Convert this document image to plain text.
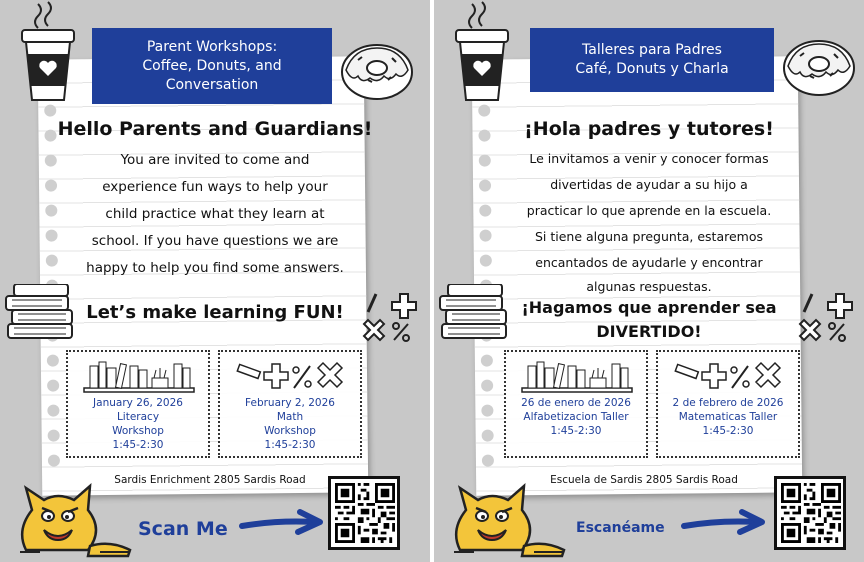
Parent Workshops:
Coffee, Donuts, and
Conversation
Hello Parents and Guardians!
You are invited to come and
experience fun ways to help your
child practice what they learn at
school. If you have questions we are
happy to help you find some answers.
Let’s make learning FUN!
January 26, 2026
Literacy
Workshop
1:45-2:30
February 2, 2026
Math
Workshop
1:45-2:30
Sardis Enrichment 2805 Sardis Road
Scan Me
Talleres para Padres
Café, Donuts y Charla
¡Hola padres y tutores!
Le invitamos a venir y conocer formas
divertidas de ayudar a su hijo a
practicar lo que aprende en la escuela.
Si tiene alguna pregunta, estaremos
encantados de ayudarle y encontrar
algunas respuestas.
¡Hagamos que aprender sea
DIVERTIDO!
26 de enero de 2026
Alfabetizacion Taller
1:45-2:30
2 de febrero de 2026
Matematicas Taller
1:45-2:30
Escuela de Sardis 2805 Sardis Road
Escanéame
